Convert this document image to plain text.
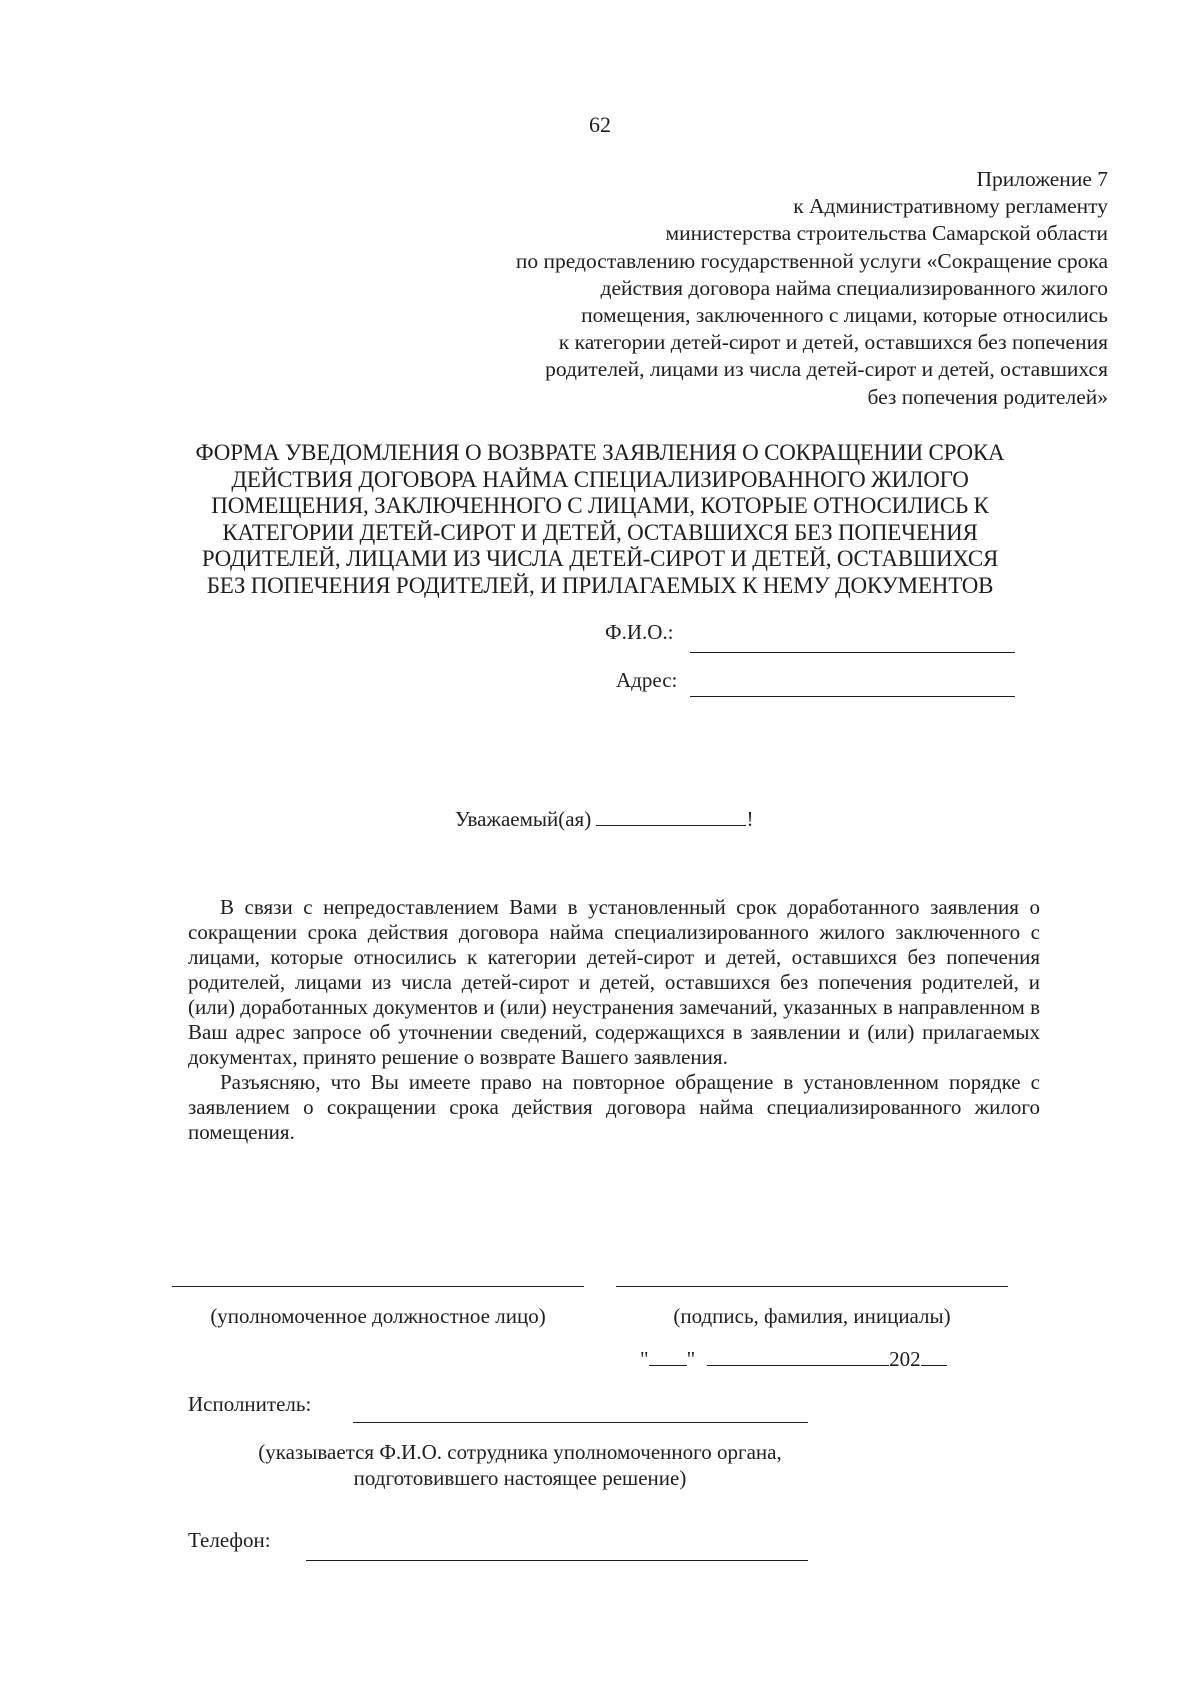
62
Приложение 7
к Административному регламенту
министерства строительства Самарской области
по предоставлению государственной услуги «Сокращение срока
действия договора найма специализированного жилого
помещения, заключенного с лицами, которые относились
к категории детей-сирот и детей, оставшихся без попечения
родителей, лицами из числа детей-сирот и детей, оставшихся
без попечения родителей»
ФОРМА УВЕДОМЛЕНИЯ О ВОЗВРАТЕ ЗАЯВЛЕНИЯ О СОКРАЩЕНИИ СРОКА
ДЕЙСТВИЯ ДОГОВОРА НАЙМА СПЕЦИАЛИЗИРОВАННОГО ЖИЛОГО
ПОМЕЩЕНИЯ, ЗАКЛЮЧЕННОГО С ЛИЦАМИ, КОТОРЫЕ ОТНОСИЛИСЬ К
КАТЕГОРИИ ДЕТЕЙ-СИРОТ И ДЕТЕЙ, ОСТАВШИХСЯ БЕЗ ПОПЕЧЕНИЯ
РОДИТЕЛЕЙ, ЛИЦАМИ ИЗ ЧИСЛА ДЕТЕЙ-СИРОТ И ДЕТЕЙ, ОСТАВШИХСЯ
БЕЗ ПОПЕЧЕНИЯ РОДИТЕЛЕЙ, И ПРИЛАГАЕМЫХ К НЕМУ ДОКУМЕНТОВ
Ф.И.О.:
Адрес:
Уважаемый(ая)	!

В связи с непредоставлением Вами в установленный срок доработанного заявления о сокращении срока действия договора найма специализированного жилого заключенного с лицами, которые относились к категории детей-сирот и детей, оставшихся без попечения родителей, лицами из числа детей-сирот и детей, оставшихся без попечения родителей, и (или) доработанных документов и (или) неустранения замечаний, указанных в направленном в Ваш адрес запросе об уточнении сведений, содержащихся в заявлении и (или) прилагаемых документах, принято решение о возврате Вашего заявления.

Разъясняю, что Вы имеете право на повторное обращение в установленном порядке с заявлением о сокращении срока действия договора найма специализированного жилого помещения.

(уполномоченное должностное лицо)	(подпись, фамилия, инициалы)
" "	202
Исполнитель:
(указывается Ф.И.О. сотрудника уполномоченного органа,
подготовившего настоящее решение)
Телефон:
